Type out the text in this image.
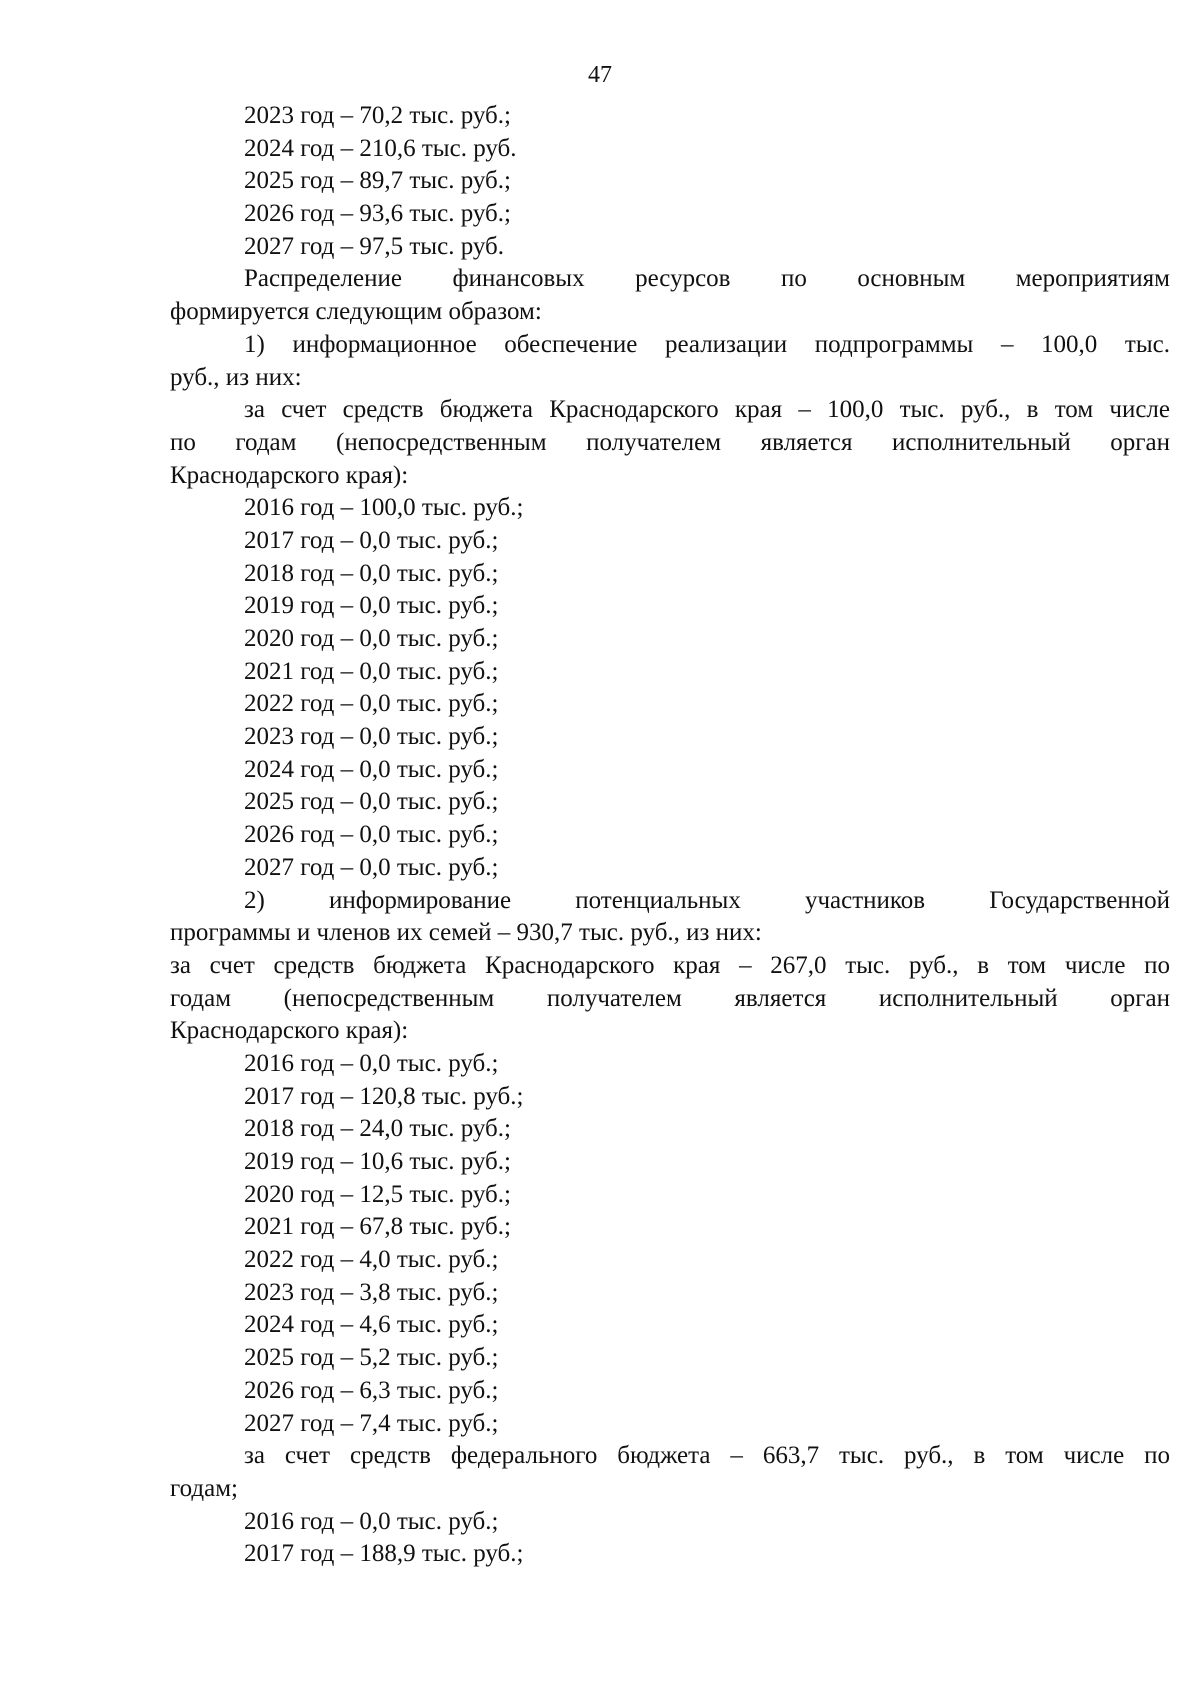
47
2023 год – 70,2 тыс. руб.;
2024 год – 210,6 тыс. руб.
2025 год – 89,7 тыс. руб.;
2026 год – 93,6 тыс. руб.;
2027 год – 97,5 тыс. руб.
Распределение финансовых ресурсов по основным мероприятиям
формируется следующим образом:
1) информационное обеспечение реализации подпрограммы – 100,0 тыс.
руб., из них:
за счет средств бюджета Краснодарского края – 100,0 тыс. руб., в том числе
по годам (непосредственным получателем является исполнительный орган
Краснодарского края):
2016 год – 100,0 тыс. руб.;
2017 год – 0,0 тыс. руб.;
2018 год – 0,0 тыс. руб.;
2019 год – 0,0 тыс. руб.;
2020 год – 0,0 тыс. руб.;
2021 год – 0,0 тыс. руб.;
2022 год – 0,0 тыс. руб.;
2023 год – 0,0 тыс. руб.;
2024 год – 0,0 тыс. руб.;
2025 год – 0,0 тыс. руб.;
2026 год – 0,0 тыс. руб.;
2027 год – 0,0 тыс. руб.;
2) информирование потенциальных участников Государственной
программы и членов их семей – 930,7 тыс. руб., из них:
за счет средств бюджета Краснодарского края – 267,0 тыс. руб., в том числе по
годам (непосредственным получателем является исполнительный орган
Краснодарского края):
2016 год – 0,0 тыс. руб.;
2017 год – 120,8 тыс. руб.;
2018 год – 24,0 тыс. руб.;
2019 год – 10,6 тыс. руб.;
2020 год – 12,5 тыс. руб.;
2021 год – 67,8 тыс. руб.;
2022 год – 4,0 тыс. руб.;
2023 год – 3,8 тыс. руб.;
2024 год – 4,6 тыс. руб.;
2025 год – 5,2 тыс. руб.;
2026 год – 6,3 тыс. руб.;
2027 год – 7,4 тыс. руб.;
за счет средств федерального бюджета – 663,7 тыс. руб., в том числе по
годам;
2016 год – 0,0 тыс. руб.;
2017 год – 188,9 тыс. руб.;
